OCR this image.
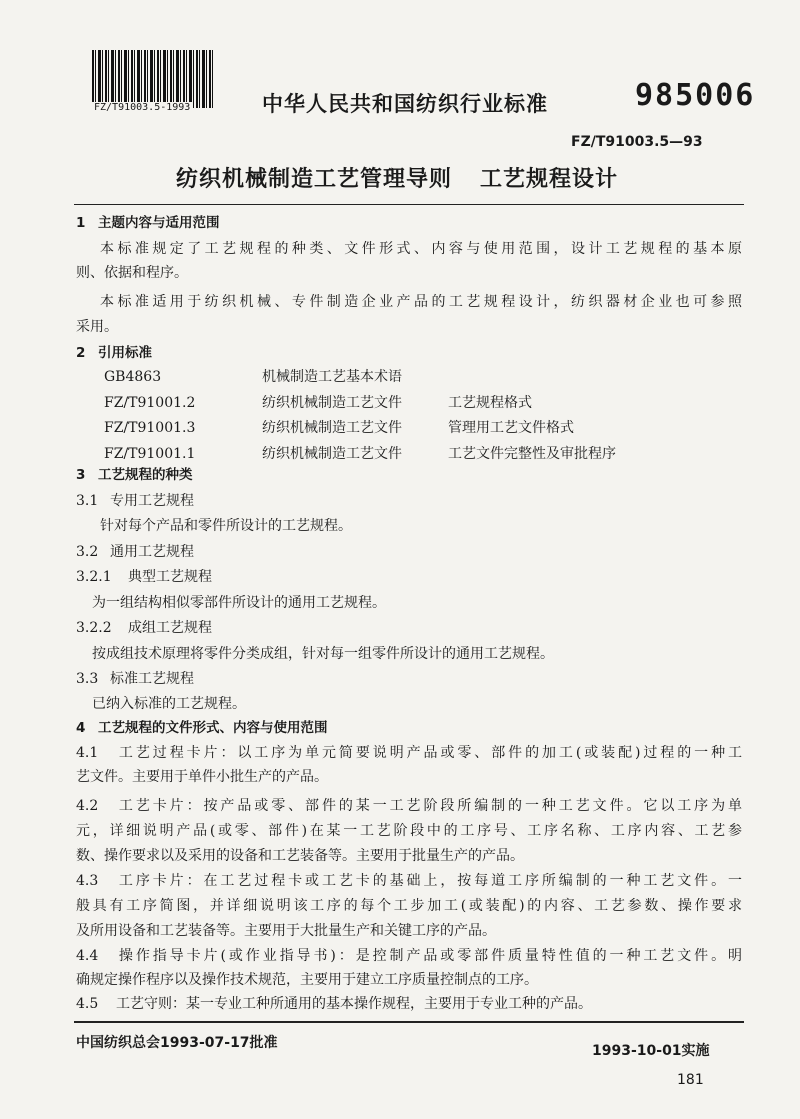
FZ/T91003.5-1993	中华人民共和国纺织行业标准	985006
FZ/T91003.5—93
纺织机械制造工艺管理导则 工艺规程设计
1 主题内容与适用范围
本标准规定了工艺规程的种类、文件形式、内容与使用范围，设计工艺规程的基本原
则、依据和程序。
本标准适用于纺织机械、专件制造企业产品的工艺规程设计，纺织器材企业也可参照
采用。
2 引用标准
GB4863	机械制造工艺基本术语
FZ/T91001.2	纺织机械制造工艺文件	工艺规程格式
FZ/T91001.3	纺织机械制造工艺文件	管理用工艺文件格式
FZ/T91001.1	纺织机械制造工艺文件	工艺文件完整性及审批程序
3 工艺规程的种类
3.1 专用工艺规程
针对每个产品和零件所设计的工艺规程。
3.2 通用工艺规程
3.2.1 典型工艺规程
为一组结构相似零部件所设计的通用工艺规程。
3.2.2 成组工艺规程
按成组技术原理将零件分类成组，针对每一组零件所设计的通用工艺规程。
3.3 标准工艺规程
已纳入标准的工艺规程。
4 工艺规程的文件形式、内容与使用范围
4.1 工艺过程卡片：以工序为单元简要说明产品或零、部件的加工(或装配)过程的一种工
艺文件。主要用于单件小批生产的产品。
4.2 工艺卡片：按产品或零、部件的某一工艺阶段所编制的一种工艺文件。它以工序为单
元，详细说明产品(或零、部件)在某一工艺阶段中的工序号、工序名称、工序内容、工艺参
数、操作要求以及采用的设备和工艺装备等。主要用于批量生产的产品。
4.3 工序卡片：在工艺过程卡或工艺卡的基础上，按每道工序所编制的一种工艺文件。一
般具有工序简图，并详细说明该工序的每个工步加工(或装配)的内容、工艺参数、操作要求
及所用设备和工艺装备等。主要用于大批量生产和关键工序的产品。
4.4 操作指导卡片(或作业指导书)：是控制产品或零部件质量特性值的一种工艺文件。明
确规定操作程序以及操作技术规范，主要用于建立工序质量控制点的工序。
4.5 工艺守则：某一专业工种所通用的基本操作规程，主要用于专业工种的产品。
中国纺织总会1993-07-17批准	1993-10-01实施
181
